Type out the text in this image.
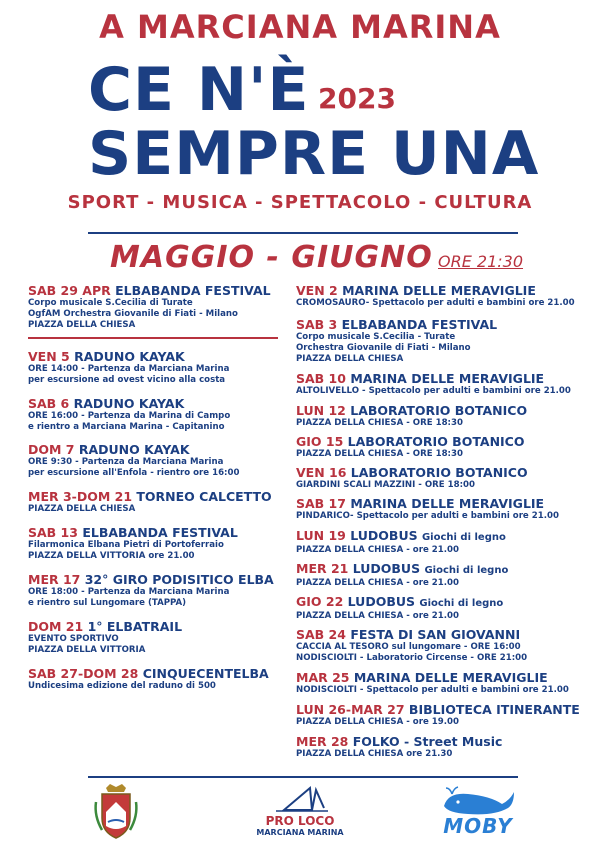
A MARCIANA MARINA
CE N'È 2023
SEMPRE UNA
SPORT - MUSICA - SPETTACOLO - CULTURA
MAGGIO - GIUGNO ORE 21:30
SAB 29 APR ELBABANDA FESTIVAL
Corpo musicale S.Cecilia di Turate
OgfAM Orchestra Giovanile di Fiati - Milano
PIAZZA DELLA CHIESA
VEN 5 RADUNO KAYAK
ORE 14:00 - Partenza da Marciana Marina
per escursione ad ovest vicino alla costa
SAB 6 RADUNO KAYAK
ORE 16:00 - Partenza da Marina di Campo
e rientro a Marciana Marina - Capitanino
DOM 7 RADUNO KAYAK
ORE 9:30 - Partenza da Marciana Marina
per escursione all'Enfola - rientro ore 16:00
MER 3-DOM 21 TORNEO CALCETTO
PIAZZA DELLA CHIESA
SAB 13 ELBABANDA FESTIVAL
Filarmonica Elbana Pietri di Portoferraio
PIAZZA DELLA VITTORIA ore 21.00
MER 17 32° GIRO PODISITICO ELBA
ORE 18:00 - Partenza da Marciana Marina
e rientro sul Lungomare (TAPPA)
DOM 21 1° ELBATRAIL
EVENTO SPORTIVO
PIAZZA DELLA VITTORIA
SAB 27-DOM 28 CINQUECENTELBA
Undicesima edizione del raduno di 500
VEN 2 MARINA DELLE MERAVIGLIE
CROMOSAURO- Spettacolo per adulti e bambini ore 21.00
SAB 3 ELBABANDA FESTIVAL
Corpo musicale S.Cecilia - Turate
Orchestra Giovanile di Fiati - Milano
PIAZZA DELLA CHIESA
SAB 10 MARINA DELLE MERAVIGLIE
ALTOLIVELLO - Spettacolo per adulti e bambini ore 21.00
LUN 12 LABORATORIO BOTANICO
PIAZZA DELLA CHIESA - ORE 18:30
GIO 15 LABORATORIO BOTANICO
PIAZZA DELLA CHIESA - ORE 18:30
VEN 16 LABORATORIO BOTANICO
GIARDINI SCALI MAZZINI - ORE 18:00
SAB 17 MARINA DELLE MERAVIGLIE
PINDARICO- Spettacolo per adulti e bambini ore 21.00
LUN 19 LUDOBUS Giochi di legno
PIAZZA DELLA CHIESA - ore 21.00
MER 21 LUDOBUS Giochi di legno
PIAZZA DELLA CHIESA - ore 21.00
GIO 22 LUDOBUS Giochi di legno
PIAZZA DELLA CHIESA - ore 21.00
SAB 24 FESTA DI SAN GIOVANNI
CACCIA AL TESORO sul lungomare - ORE 16:00
NODISCIOLTI - Laboratorio Circense - ORE 21:00
MAR 25 MARINA DELLE MERAVIGLIE
NODISCIOLTI - Spettacolo per adulti e bambini ore 21.00
LUN 26-MAR 27 BIBLIOTECA ITINERANTE
PIAZZA DELLA CHIESA - ore 19.00
MER 28 FOLKO - Street Music
PIAZZA DELLA CHIESA ore 21.30
PRO LOCO
MARCIANA MARINA	MOBY
